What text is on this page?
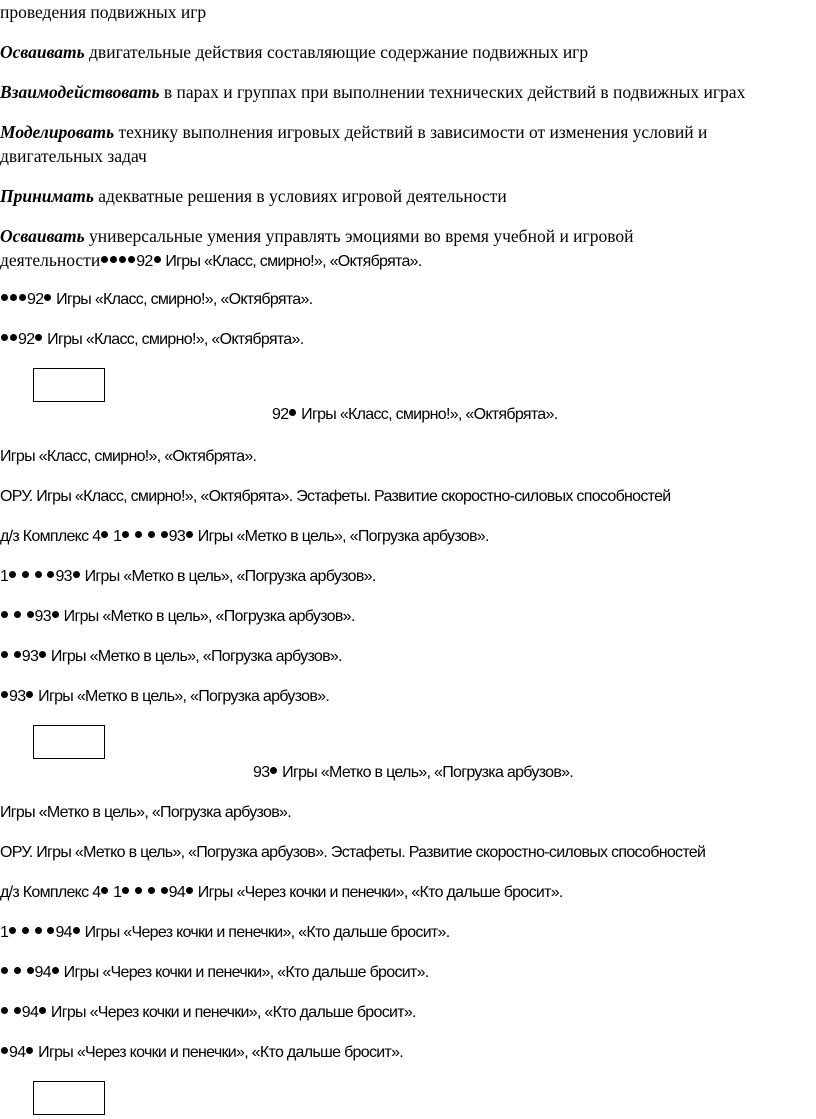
проведения подвижных игр
Осваивать двигательные действия составляющие содержание подвижных игр
Взаимодействовать в парах и группах при выполнении технических действий в подвижных играх
Моделировать технику выполнения игровых действий в зависимости от изменения условий и
двигательных задач
Принимать адекватные решения в условиях игровой деятельности
Осваивать универсальные умения управлять эмоциями во время учебной и игровой
деятельности 92 Игры «Класс, смирно!», «Октябрята».
92 Игры «Класс, смирно!», «Октябрята».
92 Игры «Класс, смирно!», «Октябрята».
92 Игры «Класс, смирно!», «Октябрята».
Игры «Класс, смирно!», «Октябрята».
ОРУ. Игры «Класс, смирно!», «Октябрята». Эстафеты. Развитие скоростно-силовых способностей
д/з Комплекс 4 1	93 Игры «Метко в цель», «Погрузка арбузов».
1	93 Игры «Метко в цель», «Погрузка арбузов».
93 Игры «Метко в цель», «Погрузка арбузов».
93 Игры «Метко в цель», «Погрузка арбузов».
93 Игры «Метко в цель», «Погрузка арбузов».
93 Игры «Метко в цель», «Погрузка арбузов».
Игры «Метко в цель», «Погрузка арбузов».
ОРУ. Игры «Метко в цель», «Погрузка арбузов». Эстафеты. Развитие скоростно-силовых способностей
д/з Комплекс 4 1	94 Игры «Через кочки и пенечки», «Кто дальше бросит».
1	94 Игры «Через кочки и пенечки», «Кто дальше бросит».
94 Игры «Через кочки и пенечки», «Кто дальше бросит».
94 Игры «Через кочки и пенечки», «Кто дальше бросит».
94 Игры «Через кочки и пенечки», «Кто дальше бросит».
